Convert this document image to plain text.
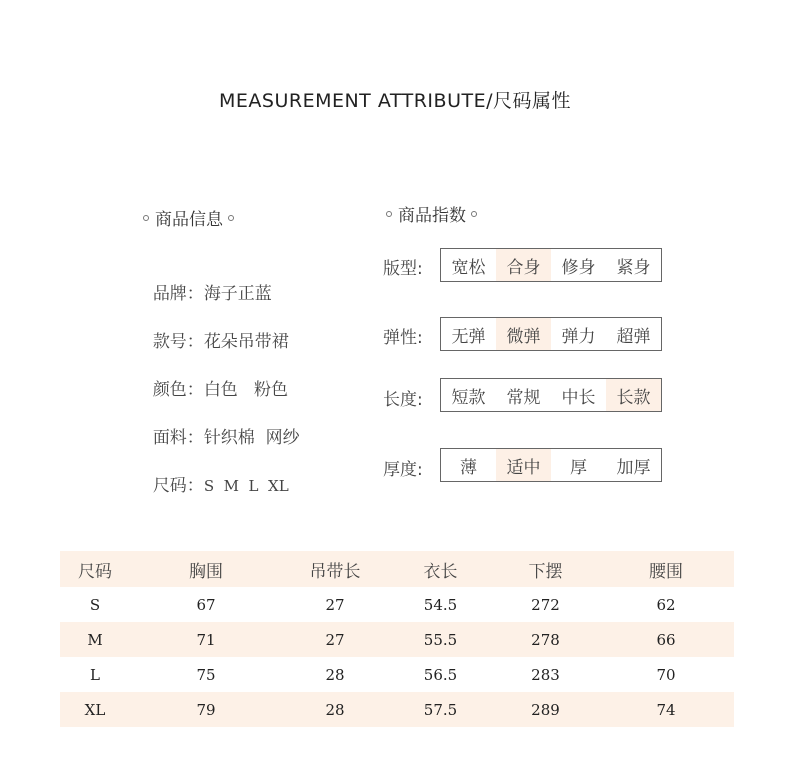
MEASUREMENT ATTRIBUTE/尺码属性
商品信息

品牌：海子正蓝

款号：花朵吊带裙

颜色：白色   粉色

面料：针织棉  网纱

尺码：S  M  L  XL

商品指数
版型:	宽松	合身	修身	紧身
弹性:	无弹	微弹	弹力	超弹
长度:	短款	常规	中长	长款
厚度:	薄	适中	厚	加厚
尺码	胸围	吊带长	衣长	下摆	腰围
S	67	27	54.5	272	62
M	71	27	55.5	278	66
L	75	28	56.5	283	70
XL	79	28	57.5	289	74
